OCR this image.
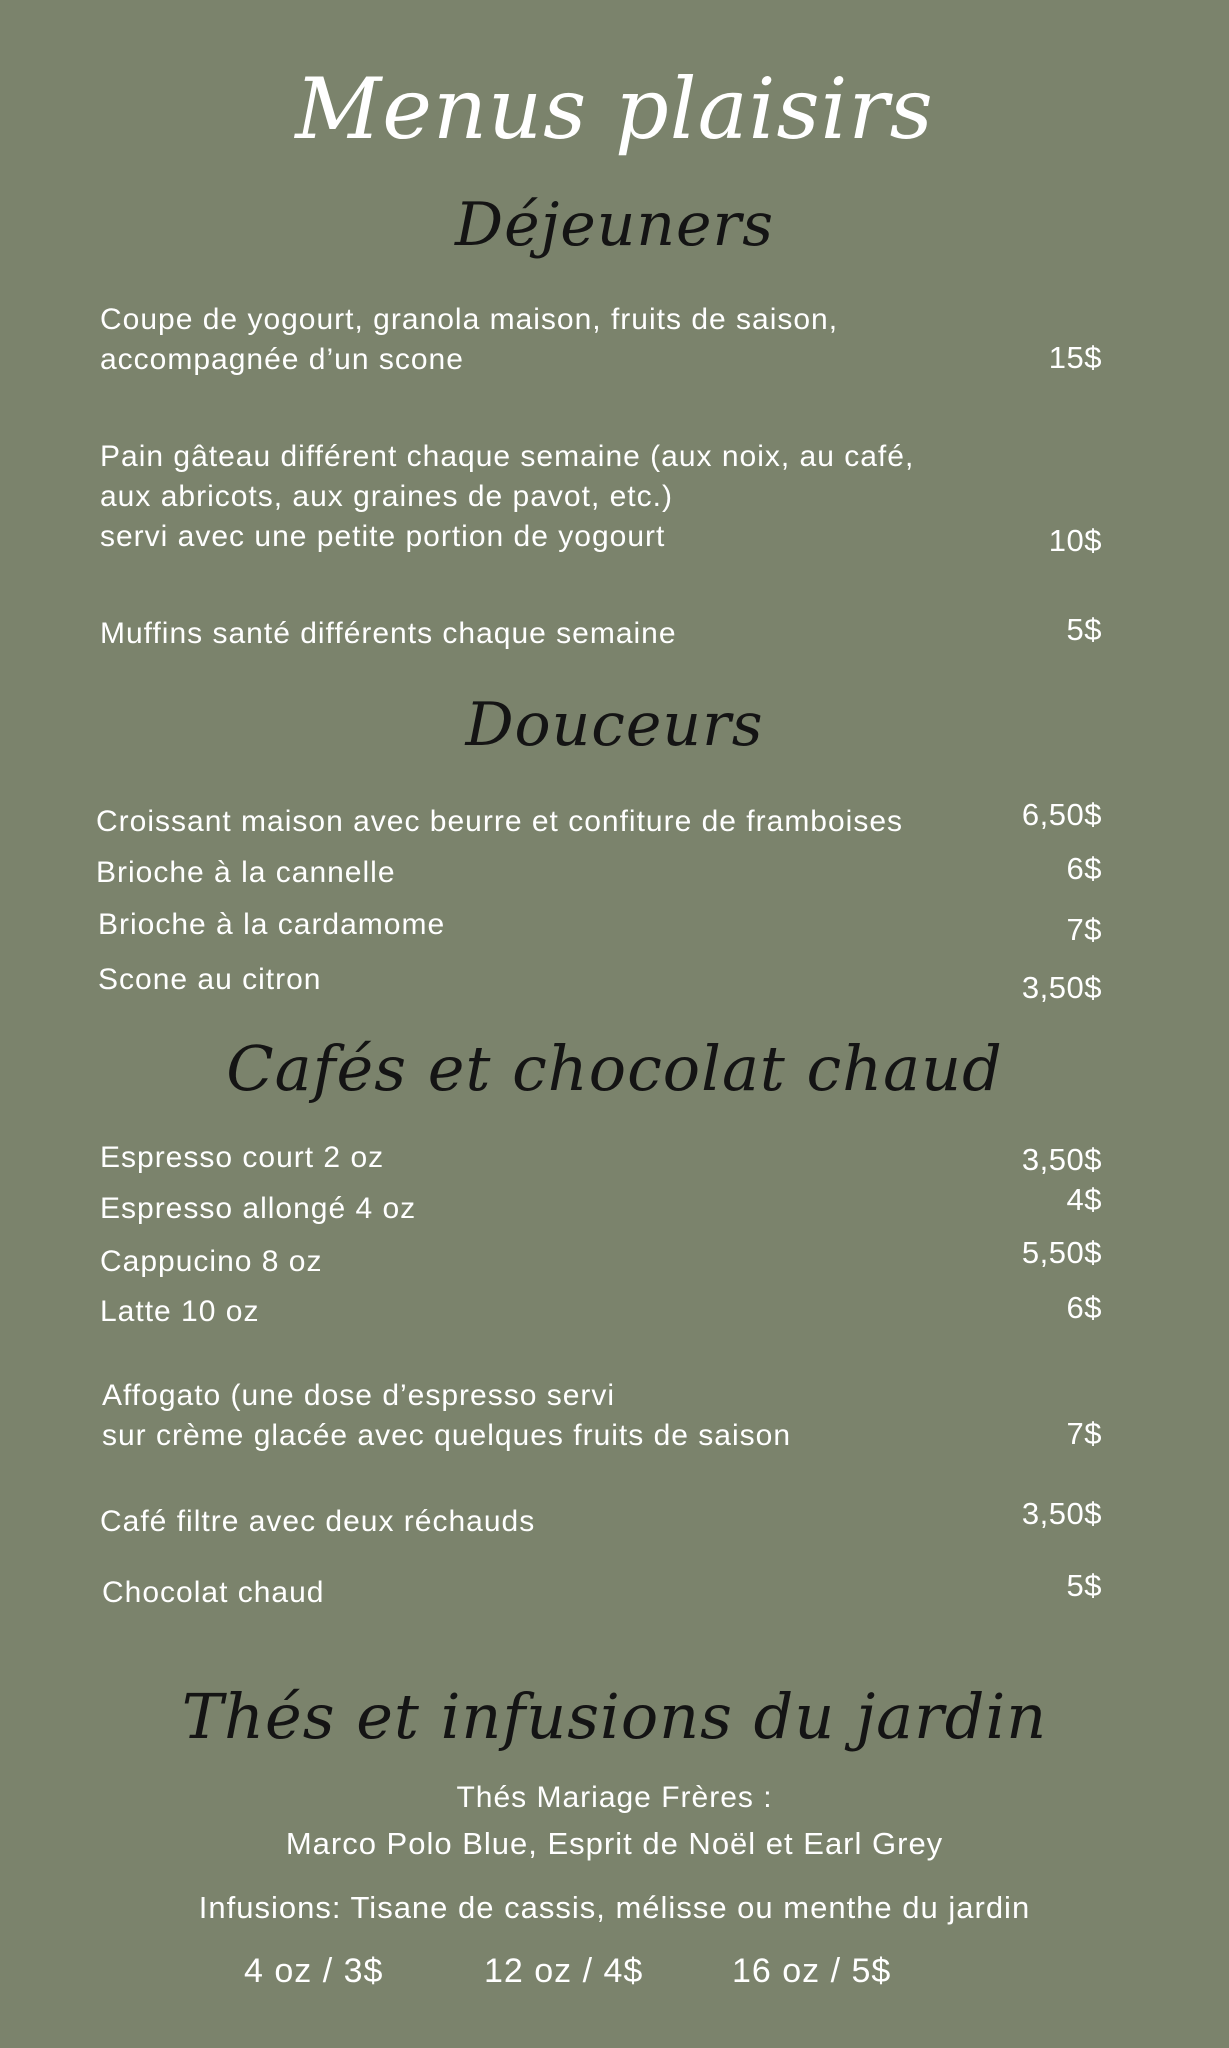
Menus plaisirs
Déjeuners
Coupe de yogourt, granola maison, fruits de saison,
accompagnée d’un scone	15$
Pain gâteau différent chaque semaine (aux noix, au café,
aux abricots, aux graines de pavot, etc.)
servi avec une petite portion de yogourt	10$
Muffins santé différents chaque semaine	5$
Douceurs
Croissant maison avec beurre et confiture de framboises	6,50$
Brioche à la cannelle	6$
Brioche à la cardamome	7$
Scone au citron	3,50$
Cafés et chocolat chaud
Espresso court 2 oz	3,50$
Espresso allongé 4 oz	4$
Cappucino 8 oz	5,50$
Latte 10 oz	6$
Affogato (une dose d’espresso servi
sur crème glacée avec quelques fruits de saison	7$
Café filtre avec deux réchauds	3,50$
Chocolat chaud	5$
Thés et infusions du jardin
Thés Mariage Frères :
Marco Polo Blue, Esprit de Noël et Earl Grey
Infusions: Tisane de cassis, mélisse ou menthe du jardin
4 oz / 3$	12 oz / 4$	16 oz / 5$
